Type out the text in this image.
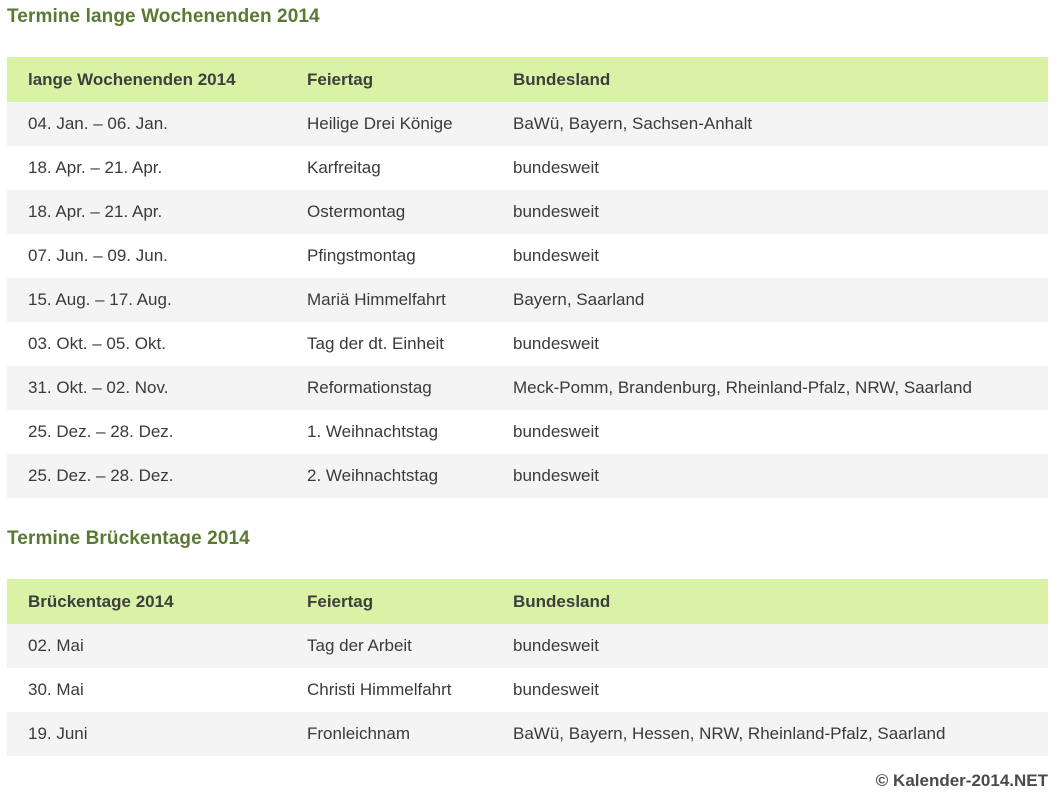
Termine lange Wochenenden 2014
lange Wochenenden 2014	Feiertag	Bundesland
04. Jan. – 06. Jan.	Heilige Drei Könige	BaWü, Bayern, Sachsen-Anhalt
18. Apr. – 21. Apr.	Karfreitag	bundesweit
18. Apr. – 21. Apr.	Ostermontag	bundesweit
07. Jun. – 09. Jun.	Pfingstmontag	bundesweit
15. Aug. – 17. Aug.	Mariä Himmelfahrt	Bayern, Saarland
03. Okt. – 05. Okt.	Tag der dt. Einheit	bundesweit
31. Okt. – 02. Nov.	Reformationstag	Meck-Pomm, Brandenburg, Rheinland-Pfalz, NRW, Saarland
25. Dez. – 28. Dez.	1. Weihnachtstag	bundesweit
25. Dez. – 28. Dez.	2. Weihnachtstag	bundesweit
Termine Brückentage 2014
Brückentage 2014	Feiertag	Bundesland
02. Mai	Tag der Arbeit	bundesweit
30. Mai	Christi Himmelfahrt	bundesweit
19. Juni	Fronleichnam	BaWü, Bayern, Hessen, NRW, Rheinland-Pfalz, Saarland
© Kalender-2014.NET
